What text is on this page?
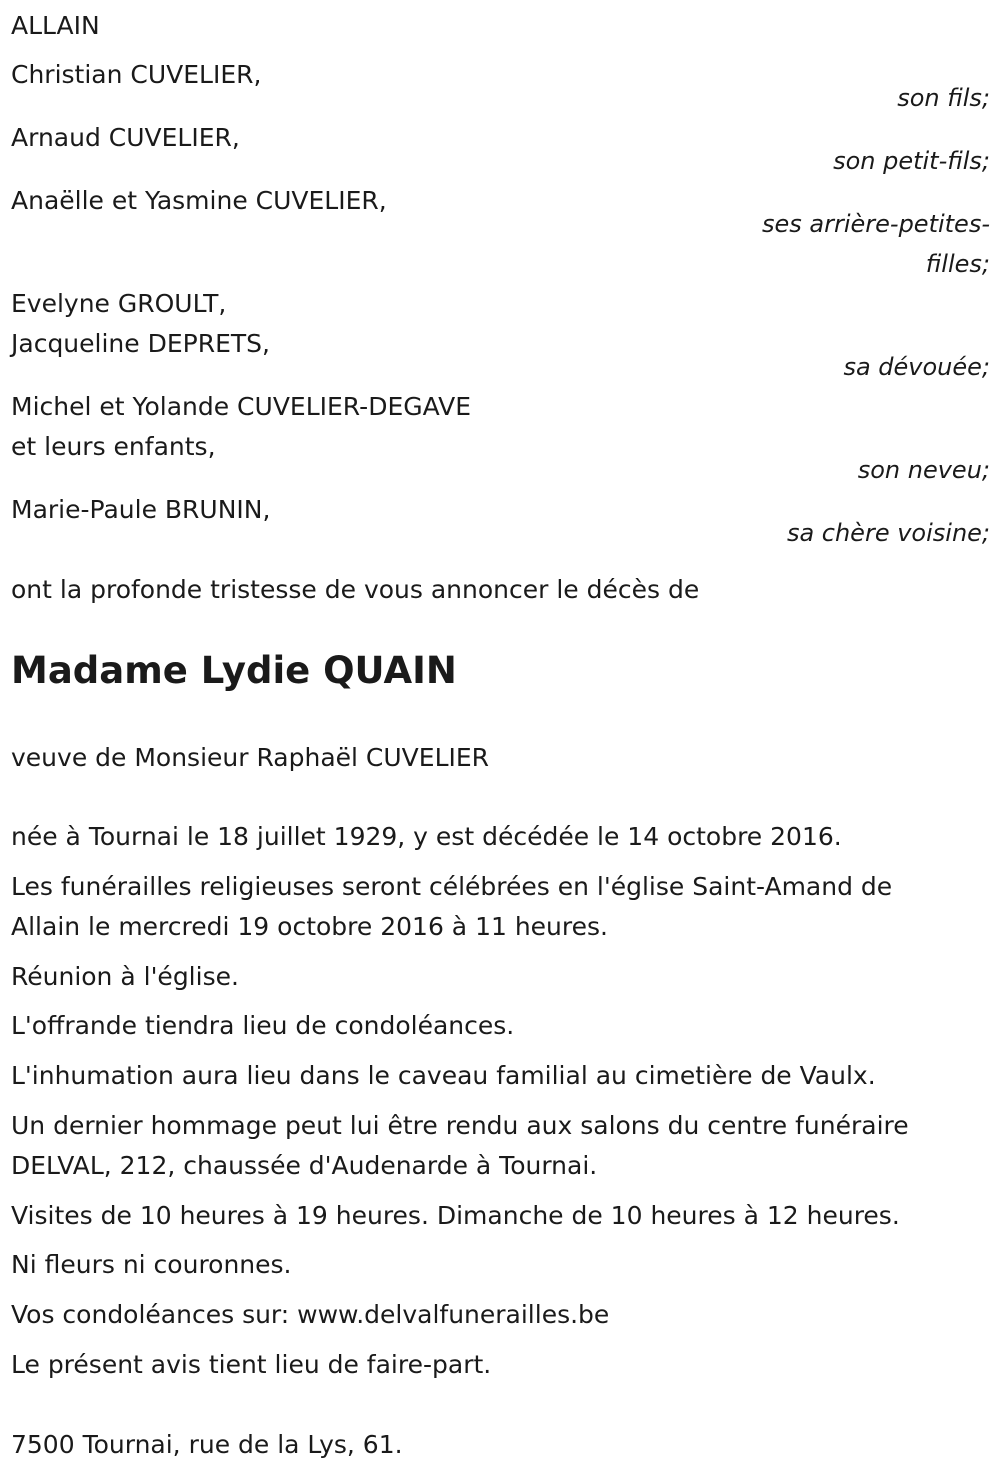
ALLAIN
Christian CUVELIER,
son fils;
Arnaud CUVELIER,
son petit-fils;
Anaëlle et Yasmine CUVELIER,
ses arrière-petites-
filles;
Evelyne GROULT,
Jacqueline DEPRETS,
sa dévouée;
Michel et Yolande CUVELIER-DEGAVE
et leurs enfants,
son neveu;
Marie-Paule BRUNIN,
sa chère voisine;
ont la profonde tristesse de vous annoncer le décès de
Madame Lydie QUAIN
veuve de Monsieur Raphaël CUVELIER
née à Tournai le 18 juillet 1929, y est décédée le 14 octobre 2016.
Les funérailles religieuses seront célébrées en l'église Saint-Amand de
Allain le mercredi 19 octobre 2016 à 11 heures.
Réunion à l'église.
L'offrande tiendra lieu de condoléances.
L'inhumation aura lieu dans le caveau familial au cimetière de Vaulx.
Un dernier hommage peut lui être rendu aux salons du centre funéraire
DELVAL, 212, chaussée d'Audenarde à Tournai.
Visites de 10 heures à 19 heures. Dimanche de 10 heures à 12 heures.
Ni fleurs ni couronnes.
Vos condoléances sur: www.delvalfunerailles.be
Le présent avis tient lieu de faire-part.
7500 Tournai, rue de la Lys, 61.
